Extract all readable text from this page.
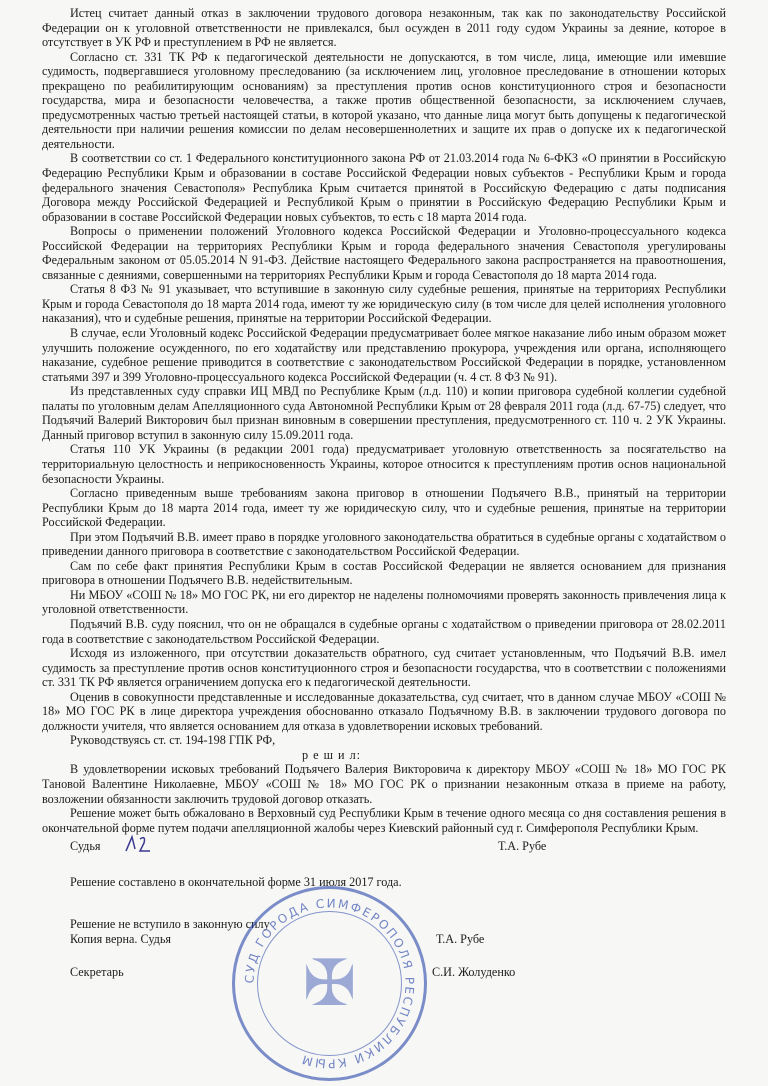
Истец считает данный отказ в заключении трудового договора незаконным, так как по законодательству Российской Федерации он к уголовной ответственности не привлекался, был осужден в 2011 году судом Украины за деяние, которое в отсутствует в УК РФ и преступлением в РФ не является.

Согласно ст. 331 ТК РФ к педагогической деятельности не допускаются, в том числе, лица, имеющие или имевшие судимость, подвергавшиеся уголовному преследованию (за исключением лиц, уголовное преследование в отношении которых прекращено по реабилитирующим основаниям) за преступления против основ конституционного строя и безопасности государства, мира и безопасности человечества, а также против общественной безопасности, за исключением случаев, предусмотренных частью третьей настоящей статьи, в которой указано, что данные лица могут быть допущены к педагогической деятельности при наличии решения комиссии по делам несовершеннолетних и защите их прав о допуске их к педагогической деятельности.

В соответствии со ст. 1 Федерального конституционного закона РФ от 21.03.2014 года № 6-ФКЗ «О принятии в Российскую Федерацию Республики Крым и образовании в составе Российской Федерации новых субъектов - Республики Крым и города федерального значения Севастополя» Республика Крым считается принятой в Российскую Федерацию с даты подписания Договора между Российской Федерацией и Республикой Крым о принятии в Российскую Федерацию Республики Крым и образовании в составе Российской Федерации новых субъектов, то есть с 18 марта 2014 года.

Вопросы о применении положений Уголовного кодекса Российской Федерации и Уголовно-процессуального кодекса Российской Федерации на территориях Республики Крым и города федерального значения Севастополя урегулированы Федеральным законом от 05.05.2014 N 91-ФЗ. Действие настоящего Федерального закона распространяется на правоотношения, связанные с деяниями, совершенными на территориях Республики Крым и города Севастополя до 18 марта 2014 года.

Статья 8 ФЗ № 91 указывает, что вступившие в законную силу судебные решения, принятые на территориях Республики Крым и города Севастополя до 18 марта 2014 года, имеют ту же юридическую силу (в том числе для целей исполнения уголовного наказания), что и судебные решения, принятые на территории Российской Федерации.

В случае, если Уголовный кодекс Российской Федерации предусматривает более мягкое наказание либо иным образом может улучшить положение осужденного, по его ходатайству или представлению прокурора, учреждения или органа, исполняющего наказание, судебное решение приводится в соответствие с законодательством Российской Федерации в порядке, установленном статьями 397 и 399 Уголовно-процессуального кодекса Российской Федерации (ч. 4 ст. 8 ФЗ № 91).

Из представленных суду справки ИЦ МВД по Республике Крым (л.д. 110) и копии приговора судебной коллегии судебной палаты по уголовным делам Апелляционного суда Автономной Республики Крым от 28 февраля 2011 года (л.д. 67-75) следует, что Подъячий Валерий Викторович был признан виновным в совершении преступления, предусмотренного ст. 110 ч. 2 УК Украины. Данный приговор вступил в законную силу 15.09.2011 года.

Статья 110 УК Украины (в редакции 2001 года) предусматривает уголовную ответственность за посягательство на территориальную целостность и неприкосновенность Украины, которое относится к преступлениям против основ национальной безопасности Украины.

Согласно приведенным выше требованиям закона приговор в отношении Подъячего В.В., принятый на территории Республики Крым до 18 марта 2014 года, имеет ту же юридическую силу, что и судебные решения, принятые на территории Российской Федерации.

При этом Подъячий В.В. имеет право в порядке уголовного законодательства обратиться в судебные органы с ходатайством о приведении данного приговора в соответствие с законодательством Российской Федерации.

Сам по себе факт принятия Республики Крым в состав Российской Федерации не является основанием для признания приговора в отношении Подъячего В.В. недействительным.

Ни МБОУ «СОШ № 18» МО ГОС РК, ни его директор не наделены полномочиями проверять законность привлечения лица к уголовной ответственности.

Подъячий В.В. суду пояснил, что он не обращался в судебные органы с ходатайством о приведении приговора от 28.02.2011 года в соответствие с законодательством Российской Федерации.

Исходя из изложенного, при отсутствии доказательств обратного, суд считает установленным, что Подъячий В.В. имел судимость за преступление против основ конституционного строя и безопасности государства, что в соответствии с положениями ст. 331 ТК РФ является ограничением допуска его к педагогической деятельности.

Оценив в совокупности представленные и исследованные доказательства, суд считает, что в данном случае МБОУ «СОШ № 18» МО ГОС РК в лице директора учреждения обоснованно отказало Подъячному В.В. в заключении трудового договора по должности учителя, что является основанием для отказа в удовлетворении исковых требований.

Руководствуясь ст. ст. 194-198 ГПК РФ,

р е ш и л:

В удовлетворении исковых требований Подъячего Валерия Викторовича к директору МБОУ «СОШ № 18» МО ГОС РК Тановой Валентине Николаевне, МБОУ «СОШ № 18» МО ГОС РК о признании незаконным отказа в приеме на работу, возложении обязанности заключить трудовой договор отказать.

Решение может быть обжаловано в Верховный суд Республики Крым в течение одного месяца со дня составления решения в окончательной форме путем подачи апелляционной жалобы через Киевский районный суд г. Симферополя Республики Крым.

Судья	Т.А. Рубе
Решение составлено в окончательной форме 31 июля 2017 года.
Решение не вступило в законную силу
Копия верна. Судья	Т.А. Рубе
Секретарь	С.И. Жолуденко
СУД ГОРОДА СИМФЕРОПОЛЯ РЕСПУБЛИКИ КРЫМ
✠
